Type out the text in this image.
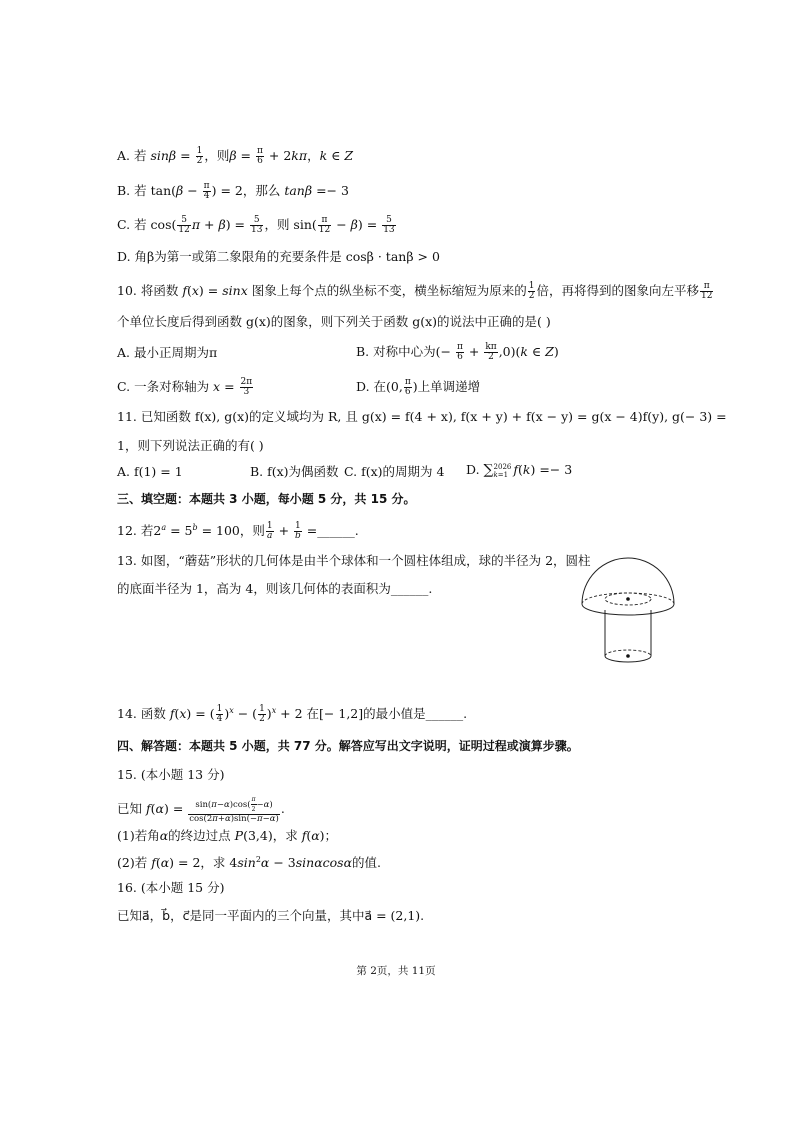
A. 若 $\sin\beta = \frac{1}{2}$ ，则$\beta = \frac{\pi}{6} + 2k\pi$，k ∈ Z
B. 若 $\tan(\beta - \frac{\pi}{4}$ ) = 2，那么 tanβ =− 3
C. 若 $\cos( \frac{5}{12}$ $\pi + \beta) = \frac{5}{13}$ ，则 $\sin( \frac{\pi}{12} - \beta) = \frac{5}{13}$
D. 角β为第一或第二象限角的充要条件是 cosβ · tanβ > 0
10. 将函数 f(x) = sinx 图象上每个点的纵坐标不变，横坐标缩短为原来的 $\frac{1}{2}$ 倍，再将得到的图象向左平移 $\frac{\pi}{12}$
个单位长度后得到函数 g(x)的图象，则下列关于函数 g(x)的说法中正确的是( )
A. 最小正周期为π	B. 对称中心为(− $\frac{\pi}{6} + \frac{k\pi}{2} ,0)(k$ ∈ Z)
C. 一条对称轴为 $x = \frac{2\pi}{3}$	D. 在(0, $\frac{\pi}{6}$ )上单调递增
11. 已知函数 f(x), g(x)的定义域均为 R, 且 g(x) = f(4 + x), f(x + y) + f(x − y) = g(x − 4)f(y), g(− 3) =
1，则下列说法正确的有( )
A. f(1) = 1	B. f(x)为偶函数 C. f(x)的周期为 4 D. ∑ 2026
k=1 f(k) =− 3
三、填空题：本题共 3 小题，每小题 5 分，共 15 分。
12. 若$2^a = 5^b = 100$，则 $\frac{1}{a} + \frac{1}{b}$ =______.
13. 如图，“蘑菇”形状的几何体是由半个球体和一个圆柱体组成，球的半径为 2，圆柱
的底面半径为 1，高为 4，则该几何体的表面积为______.
14. 函数 f(x) = ( $\frac{1}{4} )^x$ − ( $\frac{1}{2} )^x + 2$ 在[− 1,2]的最小值是______.
四、解答题：本题共 5 小题，共 77 分。解答应写出文字说明，证明过程或演算步骤。
15. (本小题 13 分)
已知 $f(\alpha) = \frac{\sin(\pi-\alpha)\cos( \frac{\pi}{2} -\alpha)}{\cos(2\pi+\alpha)\sin(-\pi-\alpha)}$ .
(1)若角α的终边过点 P(3,4)，求 f(α)；
(2)若 f(α) = 2，求 $4\sin^2\alpha - 3\sin\alpha\cos\alpha$的值.
16. (本小题 15 分)
已知a⃗，b⃗，c⃗是同一平面内的三个向量，其中a⃗ = (2,1).
第 2页，共 11页
